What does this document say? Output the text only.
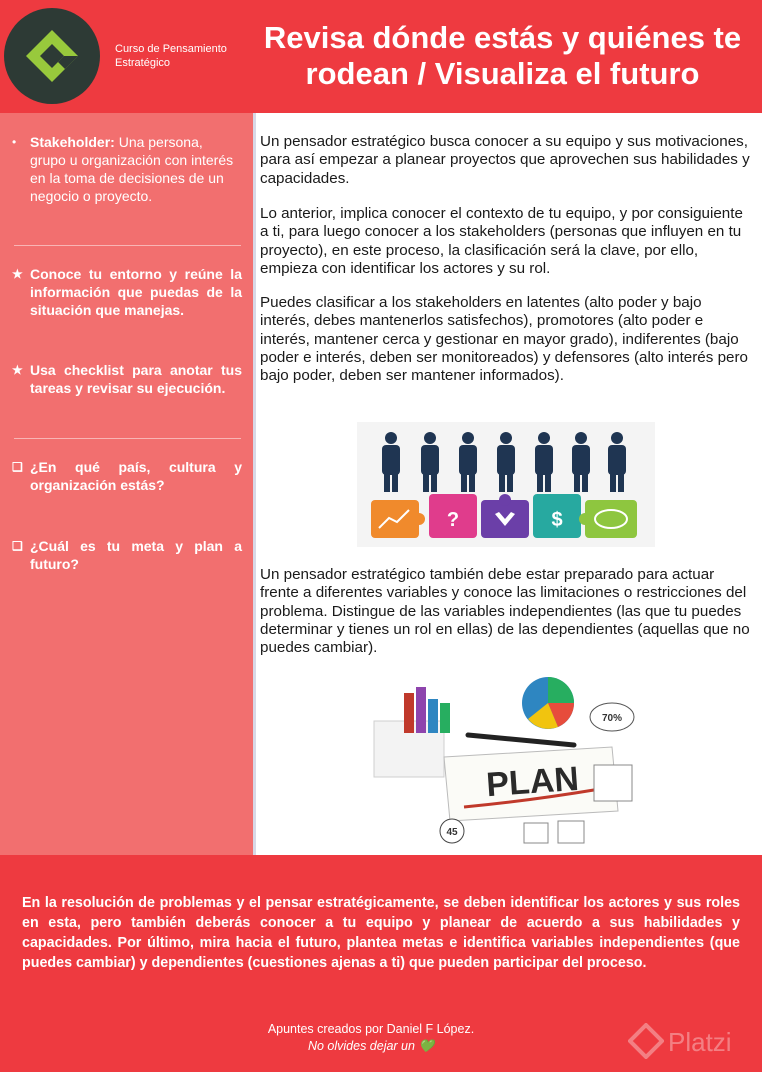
Curso de Pensamiento Estratégico
Revisa dónde estás y quiénes te rodean / Visualiza el futuro
• Stakeholder: Una persona, grupo u organización con interés en la toma de decisiones de un negocio o proyecto.
★ Conoce tu entorno y reúne la información que puedas de la situación que manejas.
★ Usa checklist para anotar tus tareas y revisar su ejecución.
❑ ¿En qué país, cultura y organización estás?
❑ ¿Cuál es tu meta y plan a futuro?
Un pensador estratégico busca conocer a su equipo y sus motivaciones, para así empezar a planear proyectos que aprovechen sus habilidades y capacidades.
Lo anterior, implica conocer el contexto de tu equipo, y por consiguiente a ti, para luego conocer a los stakeholders (personas que influyen en tu proyecto), en este proceso, la clasificación será la clave, por ello, empieza con identificar los actores y su rol.
Puedes clasificar a los stakeholders en latentes (alto poder y bajo interés, debes mantenerlos satisfechos), promotores (alto poder e interés, mantener cerca y gestionar en mayor grado), indiferentes (bajo poder e interés, deben ser monitoreados) y defensores (alto interés pero bajo poder, deben ser mantener informados).
?	$
Un pensador estratégico también debe estar preparado para actuar frente a diferentes variables y conoce las limitaciones o restricciones del problema. Distingue de las variables independientes (las que tu puedes determinar y tienes un rol en ellas) de las dependientes (aquellas que no puedes cambiar).
70%
PLAN
45
En la resolución de problemas y el pensar estratégicamente, se deben identificar los actores y sus roles en esta, pero también deberás conocer a tu equipo y planear de acuerdo a sus habilidades y capacidades. Por último, mira hacia el futuro, plantea metas e identifica variables independientes (que puedes cambiar) y dependientes (cuestiones ajenas a ti) que pueden participar del proceso.
Apuntes creados por Daniel F López.
No olvides dejar un 💚	Platzi
